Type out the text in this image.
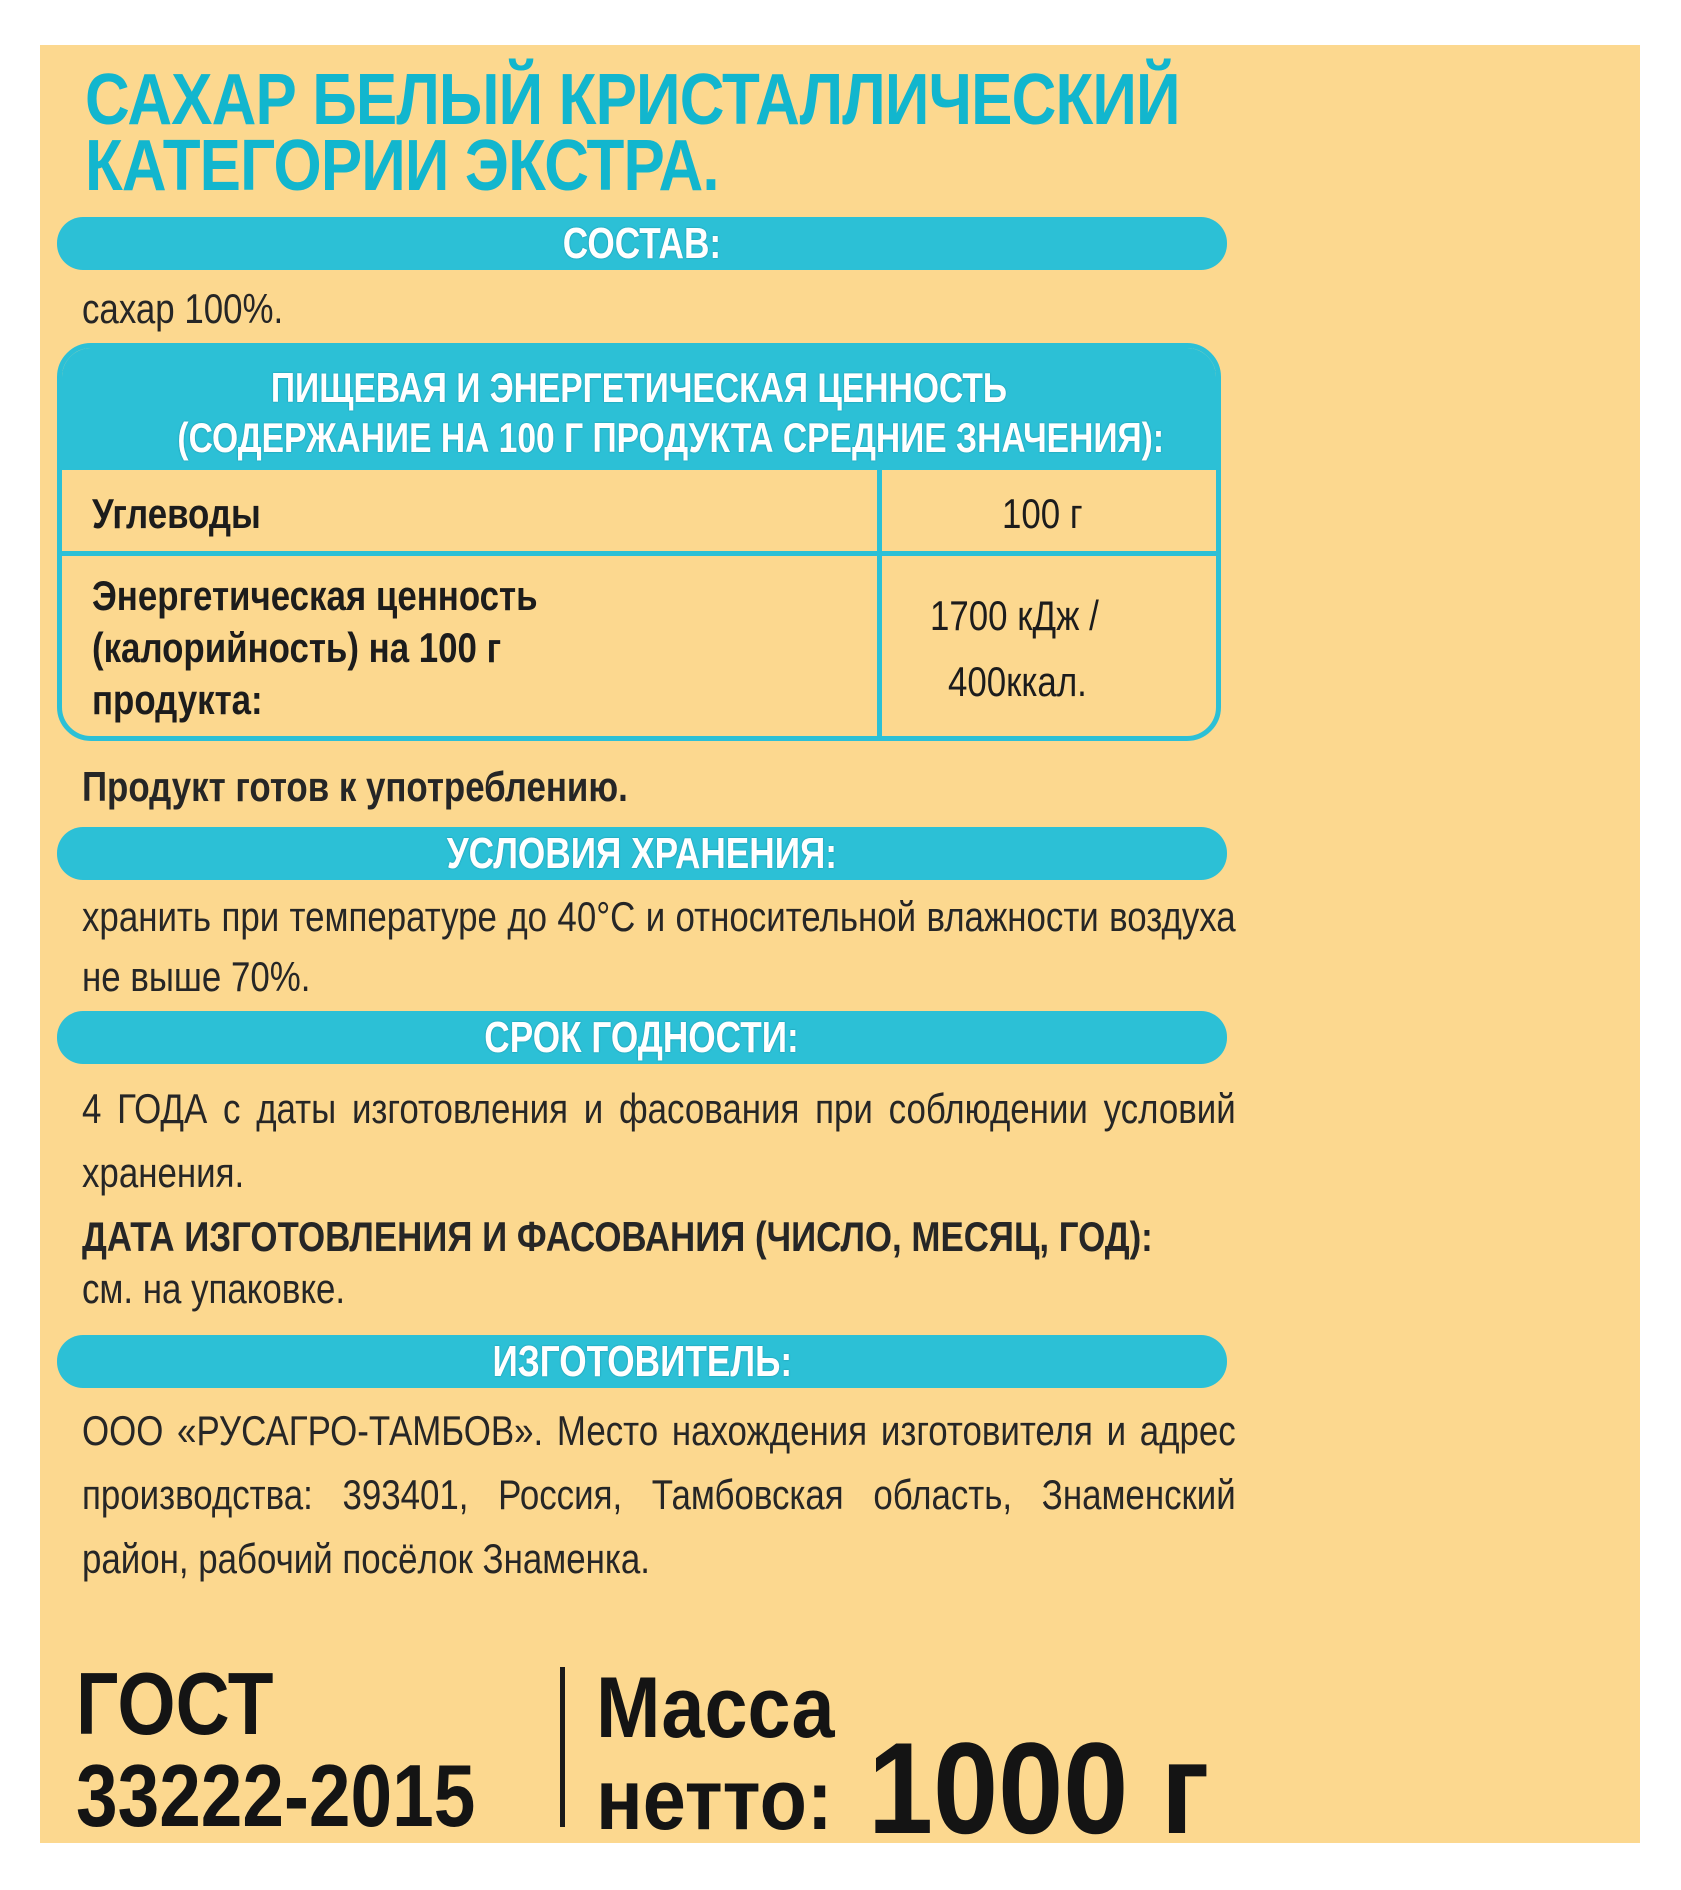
САХАР БЕЛЫЙ КРИСТАЛЛИЧЕСКИЙ
КАТЕГОРИИ ЭКСТРА.
СОСТАВ:
сахар 100%.
ПИЩЕВАЯ И ЭНЕРГЕТИЧЕСКАЯ ЦЕННОСТЬ
(СОДЕРЖАНИЕ НА 100 Г ПРОДУКТА СРЕДНИЕ ЗНАЧЕНИЯ):
Углеводы	100 г
Энергетическая ценность
(калорийность) на 100 г
продукта:
1700 кДж /
400ккал.
Продукт готов к употреблению.
УСЛОВИЯ ХРАНЕНИЯ:
хранить при температуре до 40°С и относительной влажности воздуха не выше 70%.
СРОК ГОДНОСТИ:
4 ГОДА с даты изготовления и фасования при соблюдении условий хранения.
ДАТА ИЗГОТОВЛЕНИЯ И ФАСОВАНИЯ (ЧИСЛО, МЕСЯЦ, ГОД):
см. на упаковке.
ИЗГОТОВИТЕЛЬ:
ООО «РУСАГРО-ТАМБОВ». Место нахождения изготовителя и адрес производства: 393401, Россия, Тамбовская область, Знаменский район, рабочий посёлок Знаменка.
ГОСТ
33222-2015
Масса
нетто: 1000 г
